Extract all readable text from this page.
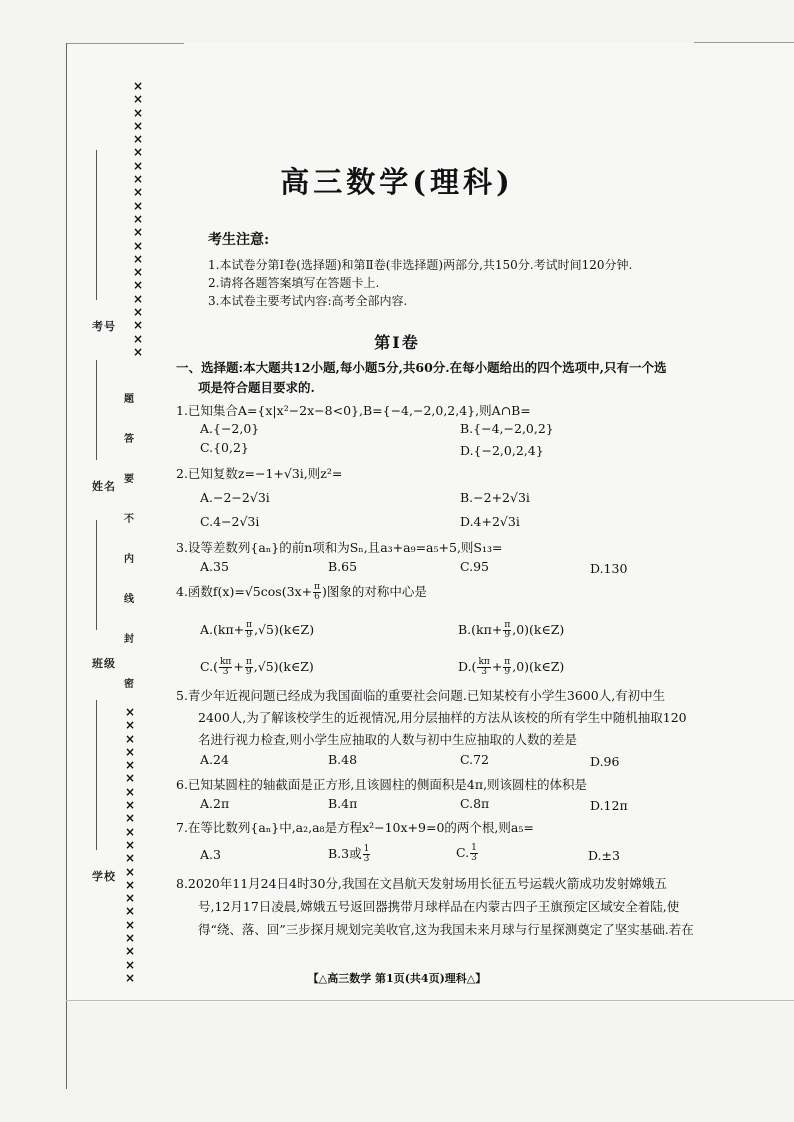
×
×
×
×
×
×
×
×
×
×
×
×
×
×
×
×
×
×
×
×
×
×
×
×
×
×
×
×
×
×
×
×
×
×
×
×
×
×
×
×
×
×
考号
姓名
班级
学校
密
封
线
内
不
要
答
题
高三数学(理科)
考生注意:
1.本试卷分第Ⅰ卷(选择题)和第Ⅱ卷(非选择题)两部分,共150分.考试时间120分钟.
2.请将各题答案填写在答题卡上.
3.本试卷主要考试内容:高考全部内容.
第Ⅰ卷
一、选择题:本大题共12小题,每小题5分,共60分.在每小题给出的四个选项中,只有一个选
项是符合题目要求的.
1.已知集合A={x|x²−2x−8<0},B={−4,−2,0,2,4},则A∩B=
A.{−2,0}	B.{−4,−2,0,2}
C.{0,2}	D.{−2,0,2,4}
2.已知复数z=−1+√3i,则z²=
A.−2−2√3i	B.−2+2√3i
C.4−2√3i	D.4+2√3i
3.设等差数列{aₙ}的前n项和为Sₙ,且a₃+a₉=a₅+5,则S₁₃=
A.35	B.65	C.95	D.130
4.函数$f(x)=√5\cos(3x+ \frac{\pi}{6}$ )图象的对称中心是
$A.(k\pi+ \frac{\pi}{9}$ ,√5)(k∈Z)	$B.(k\pi+ \frac{\pi}{9}$ ,0)(k∈Z)
$C.( \frac{k\pi}{3} + \frac{\pi}{9}$ ,√5)(k∈Z)	$D.( \frac{k\pi}{3} + \frac{\pi}{9}$ ,0)(k∈Z)
5.青少年近视问题已经成为我国面临的重要社会问题.已知某校有小学生3600人,有初中生
2400人,为了解该校学生的近视情况,用分层抽样的方法从该校的所有学生中随机抽取120
名进行视力检查,则小学生应抽取的人数与初中生应抽取的人数的差是
A.24	B.48	C.72	D.96
6.已知某圆柱的轴截面是正方形,且该圆柱的侧面积是4π,则该圆柱的体积是
A.2π	B.4π	C.8π	D.12π
7.在等比数列{aₙ}中,a₂,a₈是方程x²−10x+9=0的两个根,则a₅=
A.3	B.3或 $\frac{1}{3}$	C. $\frac{1}{3}$	D.±3
8.2020年11月24日4时30分,我国在文昌航天发射场用长征五号运载火箭成功发射嫦娥五
号,12月17日凌晨,嫦娥五号返回器携带月球样品在内蒙古四子王旗预定区域安全着陆,使
得“绕、落、回”三步探月规划完美收官,这为我国未来月球与行星探测奠定了坚实基础.若在
【△高三数学 第1页(共4页)理科△】
